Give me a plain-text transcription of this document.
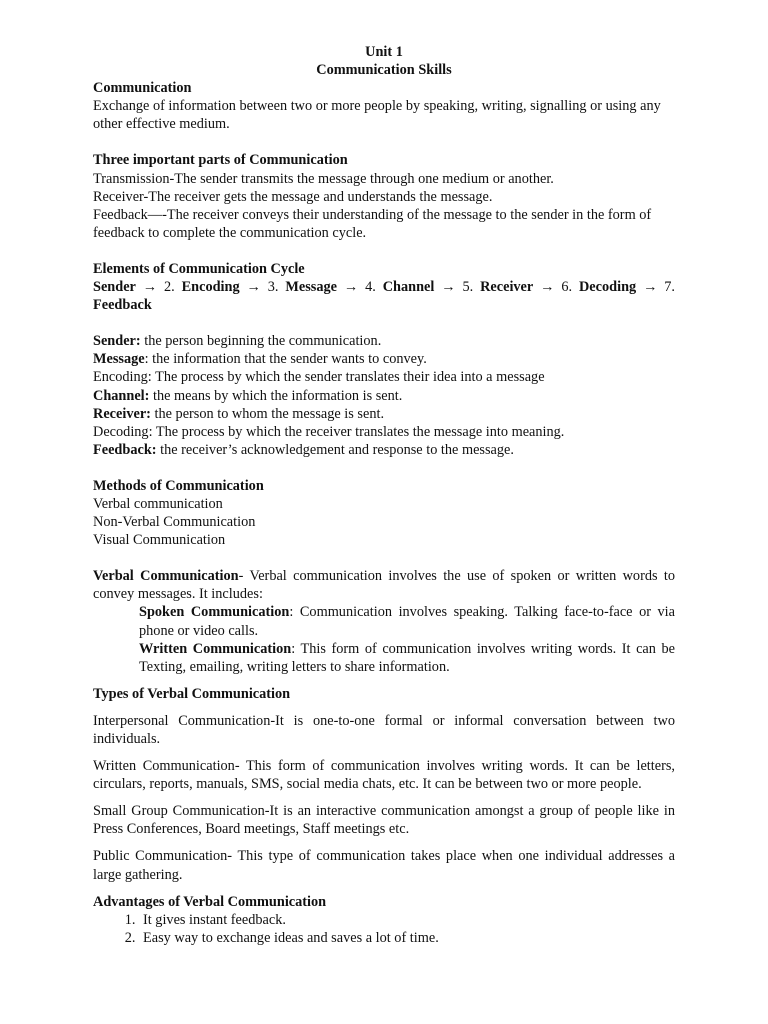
Unit 1
Communication Skills
Communication

Exchange of information between two or more people by speaking, writing, signalling or using any other effective medium.

Three important parts of Communication

Transmission-The sender transmits the message through one medium or another.

Receiver-The receiver gets the message and understands the message.

Feedback—-The receiver conveys their understanding of the message to the sender in the form of feedback to complete the communication cycle.

Elements of Communication Cycle

Sender → 2. Encoding → 3. Message → 4. Channel → 5. Receiver → 6. Decoding → 7. Feedback

Sender: the person beginning the communication.

Message: the information that the sender wants to convey.

Encoding: The process by which the sender translates their idea into a message

Channel: the means by which the information is sent.

Receiver: the person to whom the message is sent.

Decoding: The process by which the receiver translates the message into meaning.

Feedback: the receiver’s acknowledgement and response to the message.

Methods of Communication

Verbal communication

Non-Verbal Communication

Visual Communication

Verbal Communication- Verbal communication involves the use of spoken or written words to convey messages. It includes:

Spoken Communication: Communication involves speaking. Talking face-to-face or via phone or video calls.

Written Communication: This form of communication involves writing words. It can be Texting, emailing, writing letters to share information.

Types of Verbal Communication

Interpersonal Communication-It is one-to-one formal or informal conversation between two individuals.

Written Communication- This form of communication involves writing words. It can be letters, circulars, reports, manuals, SMS, social media chats, etc. It can be between two or more people.

Small Group Communication-It is an interactive communication amongst a group of people like in Press Conferences, Board meetings, Staff meetings etc.

Public Communication- This type of communication takes place when one individual addresses a large gathering.

Advantages of Verbal Communication
1. It gives instant feedback.
2. Easy way to exchange ideas and saves a lot of time.
